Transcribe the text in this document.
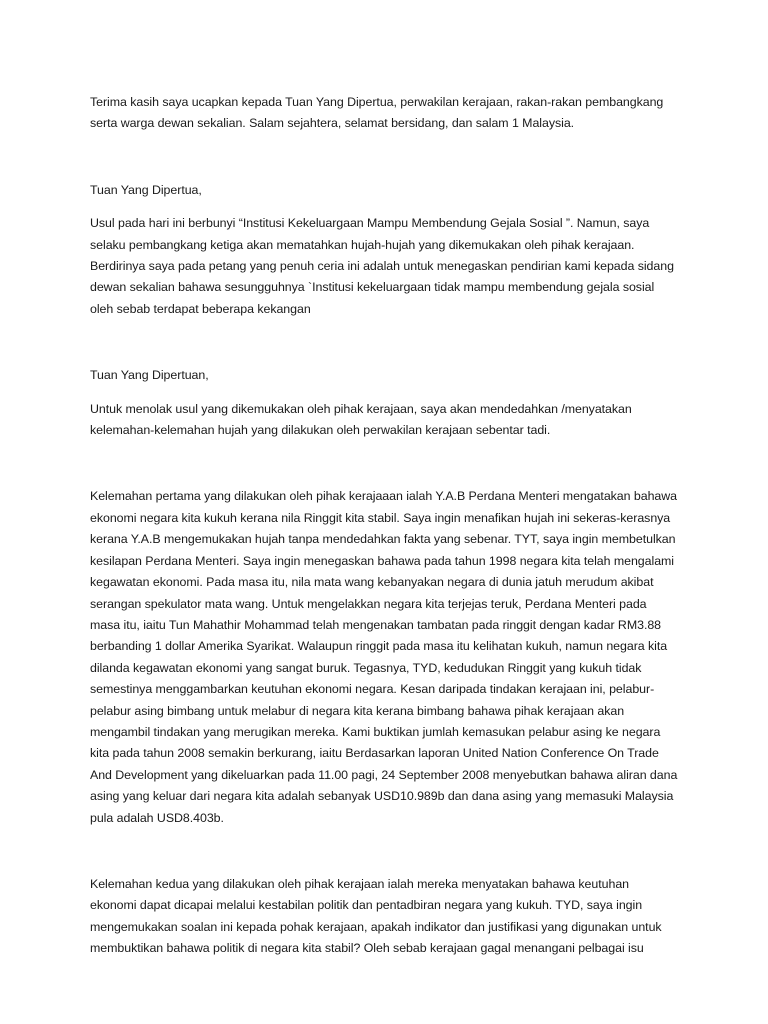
Terima kasih saya ucapkan kepada Tuan Yang Dipertua, perwakilan kerajaan, rakan-rakan pembangkang serta warga dewan sekalian. Salam sejahtera, selamat bersidang, dan salam 1 Malaysia.

Tuan Yang Dipertua,

Usul pada hari ini berbunyi “Institusi Kekeluargaan Mampu Membendung Gejala Sosial ”. Namun, saya selaku pembangkang ketiga akan mematahkan hujah-hujah yang dikemukakan oleh pihak kerajaan. Berdirinya saya pada petang yang penuh ceria ini adalah untuk menegaskan pendirian kami kepada sidang dewan sekalian bahawa sesungguhnya `Institusi kekeluargaan tidak mampu membendung gejala sosial oleh sebab terdapat beberapa kekangan

Tuan Yang Dipertuan,

Untuk menolak usul yang dikemukakan oleh pihak kerajaan, saya akan mendedahkan /menyatakan kelemahan-kelemahan hujah yang dilakukan oleh perwakilan kerajaan sebentar tadi.

Kelemahan pertama yang dilakukan oleh pihak kerajaaan ialah Y.A.B Perdana Menteri mengatakan bahawa ekonomi negara kita kukuh kerana nila Ringgit kita stabil. Saya ingin menafikan hujah ini sekeras-kerasnya kerana Y.A.B mengemukakan hujah tanpa mendedahkan fakta yang sebenar. TYT, saya ingin membetulkan kesilapan Perdana Menteri. Saya ingin menegaskan bahawa pada tahun 1998 negara kita telah mengalami kegawatan ekonomi. Pada masa itu, nila mata wang kebanyakan negara di dunia jatuh merudum akibat serangan spekulator mata wang. Untuk mengelakkan negara kita terjejas teruk, Perdana Menteri pada masa itu, iaitu Tun Mahathir Mohammad telah mengenakan tambatan pada ringgit dengan kadar RM3.88 berbanding 1 dollar Amerika Syarikat. Walaupun ringgit pada masa itu kelihatan kukuh, namun negara kita dilanda kegawatan ekonomi yang sangat buruk. Tegasnya, TYD, kedudukan Ringgit yang kukuh tidak semestinya menggambarkan keutuhan ekonomi negara. Kesan daripada tindakan kerajaan ini, pelabur-pelabur asing bimbang untuk melabur di negara kita kerana bimbang bahawa pihak kerajaan akan mengambil tindakan yang merugikan mereka. Kami buktikan jumlah kemasukan pelabur asing ke negara kita pada tahun 2008 semakin berkurang, iaitu Berdasarkan laporan United Nation Conference On Trade And Development yang dikeluarkan pada 11.00 pagi, 24 September 2008 menyebutkan bahawa aliran dana asing yang keluar dari negara kita adalah sebanyak USD10.989b dan dana asing yang memasuki Malaysia pula adalah USD8.403b.

Kelemahan kedua yang dilakukan oleh pihak kerajaan ialah mereka menyatakan bahawa keutuhan ekonomi dapat dicapai melalui kestabilan politik dan pentadbiran negara yang kukuh. TYD, saya ingin mengemukakan soalan ini kepada pohak kerajaan, apakah indikator dan justifikasi yang digunakan untuk membuktikan bahawa politik di negara kita stabil? Oleh sebab kerajaan gagal menangani pelbagai isu
